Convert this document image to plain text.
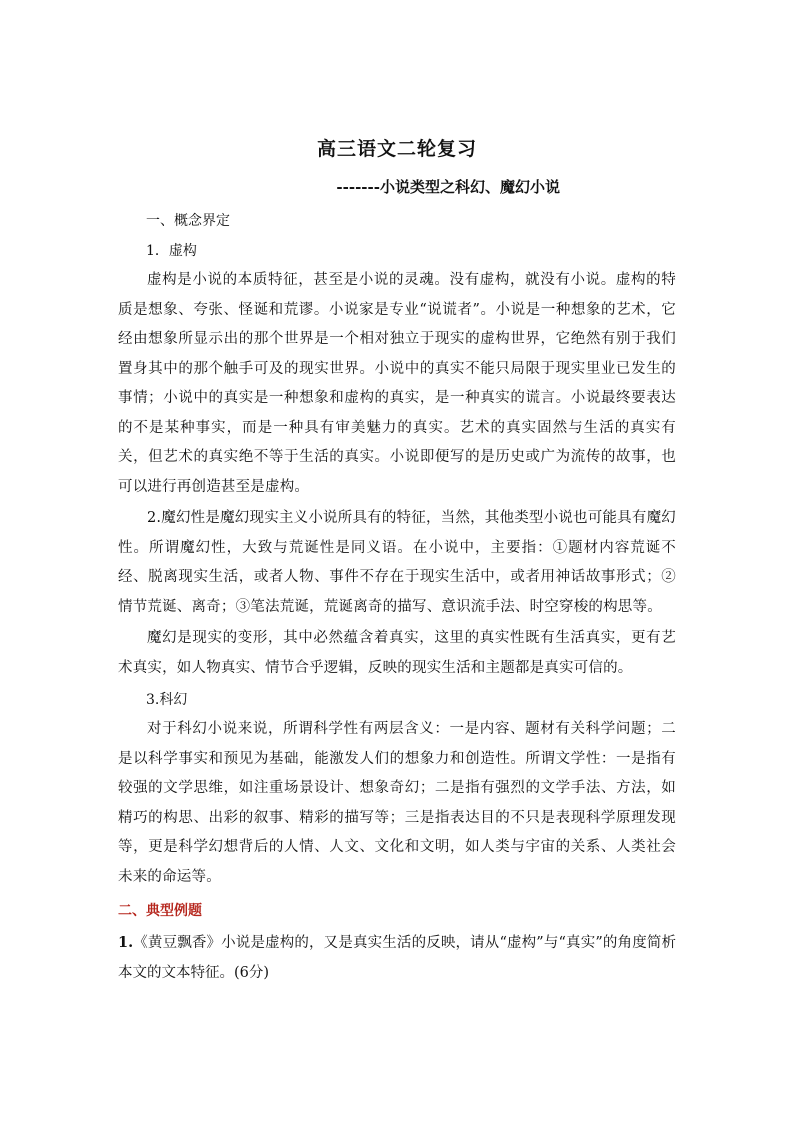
高三语文二轮复习
-------小说类型之科幻、魔幻小说

一、概念界定

1．虚构

虚构是小说的本质特征，甚至是小说的灵魂。没有虚构，就没有小说。虚构的特质是想象、夸张、怪诞和荒谬。小说家是专业“说谎者”。小说是一种想象的艺术，它经由想象所显示出的那个世界是一个相对独立于现实的虚构世界，它绝然有别于我们置身其中的那个触手可及的现实世界。小说中的真实不能只局限于现实里业已发生的事情；小说中的真实是一种想象和虚构的真实，是一种真实的谎言。小说最终要表达的不是某种事实，而是一种具有审美魅力的真实。艺术的真实固然与生活的真实有关，但艺术的真实绝不等于生活的真实。小说即便写的是历史或广为流传的故事，也可以进行再创造甚至是虚构。

2.魔幻性是魔幻现实主义小说所具有的特征，当然，其他类型小说也可能具有魔幻性。所谓魔幻性，大致与荒诞性是同义语。在小说中，主要指：①题材内容荒诞不经、脱离现实生活，或者人物、事件不存在于现实生活中，或者用神话故事形式；②情节荒诞、离奇；③笔法荒诞，荒诞离奇的描写、意识流手法、时空穿梭的构思等。

魔幻是现实的变形，其中必然蕴含着真实，这里的真实性既有生活真实，更有艺术真实，如人物真实、情节合乎逻辑，反映的现实生活和主题都是真实可信的。

3.科幻

对于科幻小说来说，所谓科学性有两层含义：一是内容、题材有关科学问题；二是以科学事实和预见为基础，能激发人们的想象力和创造性。所谓文学性：一是指有较强的文学思维，如注重场景设计、想象奇幻；二是指有强烈的文学手法、方法，如精巧的构思、出彩的叙事、精彩的描写等；三是指表达目的不只是表现科学原理发现等，更是科学幻想背后的人情、人文、文化和文明，如人类与宇宙的关系、人类社会未来的命运等。

二、典型例题

1.《黄豆飘香》小说是虚构的，又是真实生活的反映，请从“虚构”与“真实”的角度简析本文的文本特征。(6分)
